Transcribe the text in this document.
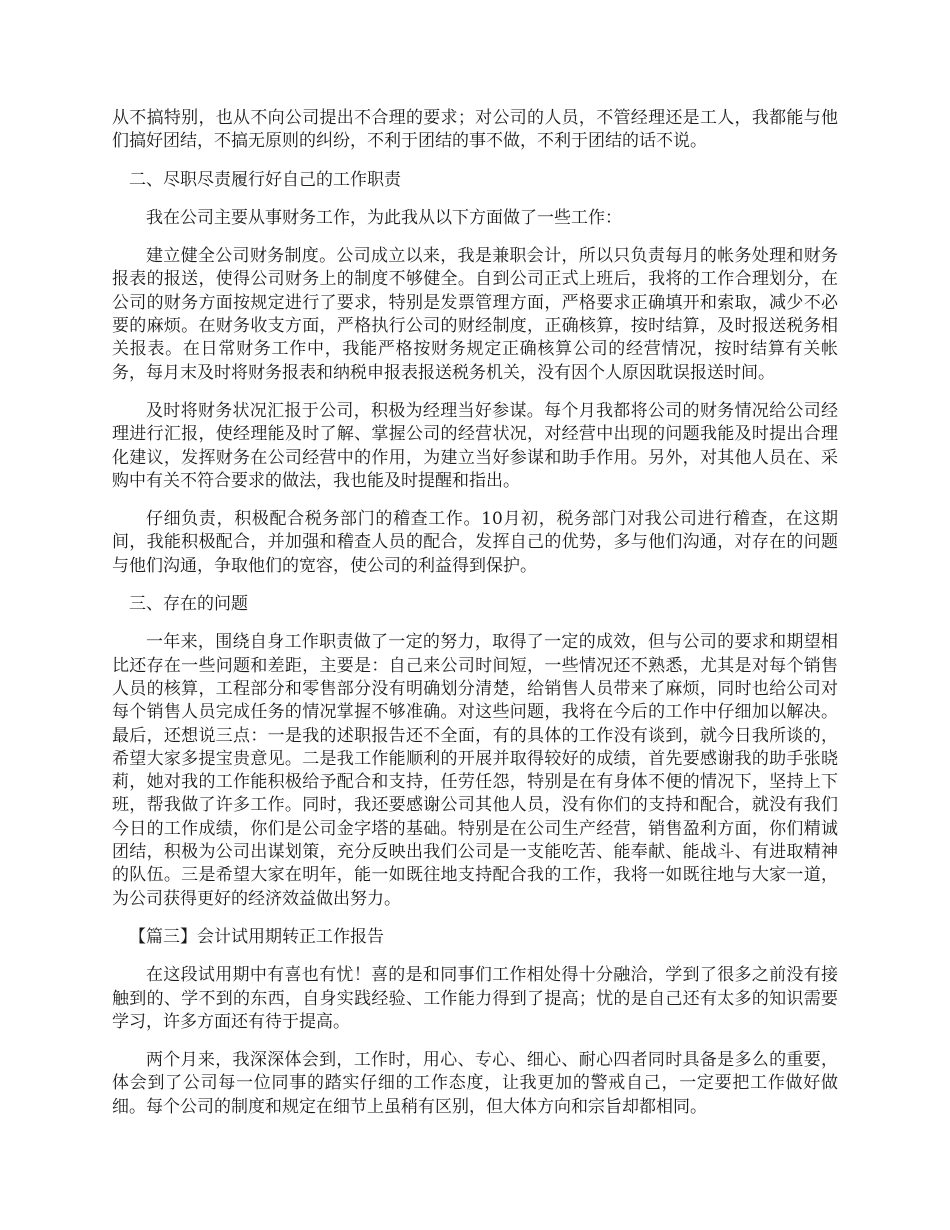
从不搞特别，也从不向公司提出不合理的要求；对公司的人员，不管经理还是工人，我都能与他们搞好团结，不搞无原则的纠纷，不利于团结的事不做，不利于团结的话不说。

二、尽职尽责履行好自己的工作职责

我在公司主要从事财务工作，为此我从以下方面做了一些工作：

建立健全公司财务制度。公司成立以来，我是兼职会计，所以只负责每月的帐务处理和财务报表的报送，使得公司财务上的制度不够健全。自到公司正式上班后，我将的工作合理划分，在公司的财务方面按规定进行了要求，特别是发票管理方面，严格要求正确填开和索取，减少不必要的麻烦。在财务收支方面，严格执行公司的财经制度，正确核算，按时结算，及时报送税务相关报表。在日常财务工作中，我能严格按财务规定正确核算公司的经营情况，按时结算有关帐务，每月末及时将财务报表和纳税申报表报送税务机关，没有因个人原因耽误报送时间。

及时将财务状况汇报于公司，积极为经理当好参谋。每个月我都将公司的财务情况给公司经理进行汇报，使经理能及时了解、掌握公司的经营状况，对经营中出现的问题我能及时提出合理化建议，发挥财务在公司经营中的作用，为建立当好参谋和助手作用。另外，对其他人员在、采购中有关不符合要求的做法，我也能及时提醒和指出。

仔细负责，积极配合税务部门的稽查工作。10月初，税务部门对我公司进行稽查，在这期间，我能积极配合，并加强和稽查人员的配合，发挥自己的优势，多与他们沟通，对存在的问题与他们沟通，争取他们的宽容，使公司的利益得到保护。

三、存在的问题

一年来，围绕自身工作职责做了一定的努力，取得了一定的成效，但与公司的要求和期望相比还存在一些问题和差距，主要是：自己来公司时间短，一些情况还不熟悉，尤其是对每个销售人员的核算，工程部分和零售部分没有明确划分清楚，给销售人员带来了麻烦，同时也给公司对每个销售人员完成任务的情况掌握不够准确。对这些问题，我将在今后的工作中仔细加以解决。最后，还想说三点：一是我的述职报告还不全面，有的具体的工作没有谈到，就今日我所谈的，希望大家多提宝贵意见。二是我工作能顺利的开展并取得较好的成绩，首先要感谢我的助手张晓莉，她对我的工作能积极给予配合和支持，任劳任怨，特别是在有身体不便的情况下，坚持上下班，帮我做了许多工作。同时，我还要感谢公司其他人员，没有你们的支持和配合，就没有我们今日的工作成绩，你们是公司金字塔的基础。特别是在公司生产经营，销售盈利方面，你们精诚团结，积极为公司出谋划策，充分反映出我们公司是一支能吃苦、能奉献、能战斗、有进取精神的队伍。三是希望大家在明年，能一如既往地支持配合我的工作，我将一如既往地与大家一道，为公司获得更好的经济效益做出努力。

【篇三】会计试用期转正工作报告

在这段试用期中有喜也有忧！喜的是和同事们工作相处得十分融洽，学到了很多之前没有接触到的、学不到的东西，自身实践经验、工作能力得到了提高；忧的是自己还有太多的知识需要学习，许多方面还有待于提高。

两个月来，我深深体会到，工作时，用心、专心、细心、耐心四者同时具备是多么的重要，体会到了公司每一位同事的踏实仔细的工作态度，让我更加的警戒自己，一定要把工作做好做细。每个公司的制度和规定在细节上虽稍有区别，但大体方向和宗旨却都相同。
